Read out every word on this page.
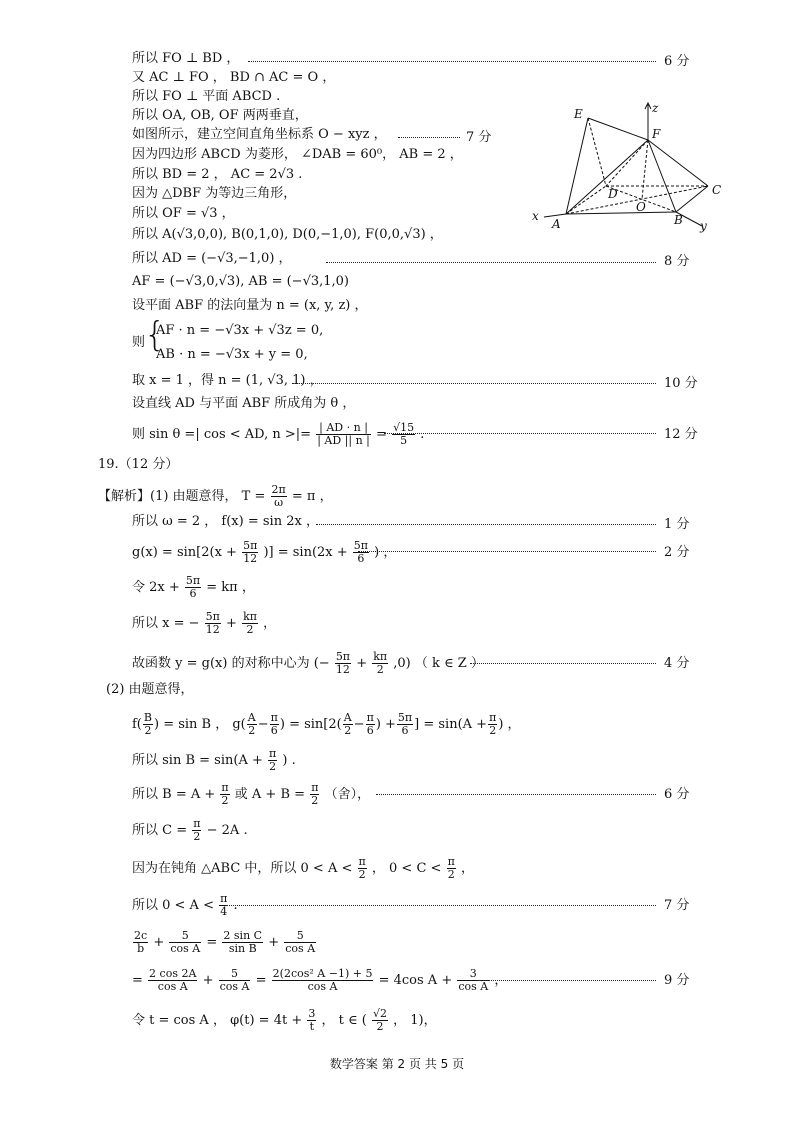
所以 FO ⊥ BD ，	6 分
又 AC ⊥ FO ， BD ∩ AC = O ，
所以 FO ⊥ 平面 ABCD .
所以 OA, OB, OF 两两垂直，
如图所示，建立空间直角坐标系 O − xyz ，	7 分
因为四边形 ABCD 为菱形， ∠DAB = 60⁰， AB = 2 ，
所以 BD = 2 ， AC = 2√3 .
因为 △DBF 为等边三角形，
所以 OF = √3 ，
所以 A(√3,0,0), B(0,1,0), D(0,−1,0), F(0,0,√3) ，
所以 AD = (−√3,−1,0) ，	8 分
AF = (−√3,0,√3), AB = (−√3,1,0)
设平面 ABF 的法向量为 n = (x, y, z) ，
则
{
AF · n = −√3x + √3z = 0,
AB · n = −√3x + y = 0,
取 x = 1 ，得 n = (1, √3, 1) ，	10 分
设直线 AD 与平面 ABF 所成角为 θ ，
则 sin θ =| cos < AD, n >|= $\frac{| AD \cdot n |}{| AD || n |} = \frac{√15}{5}$ .	12 分
19.（12 分）
【解析】(1) 由题意得， $T = \frac{2\pi}{\omega} = \pi$ ，
所以 ω = 2 ， f(x) = sin 2x ，	1 分
$g(x) = \sin[2(x + \frac{5\pi}{12}$ )] = $\sin(2x + \frac{5\pi}{6}$ ) ，	2 分
令 $2x + \frac{5\pi}{6} = k\pi$ ，
所以 x = − $\frac{5\pi}{12} + \frac{k\pi}{2}$ ，
故函数 y = g(x) 的对称中心为 (− $\frac{5\pi}{12} + \frac{k\pi}{2} ,0$) （ k ∈ Z ）	4 分
(2) 由题意得，
$f( \frac{B}{2}$ ) = sin B ， $g( \frac{A}{2} - \frac{\pi}{6}$ ) = $\sin[2( \frac{A}{2} - \frac{\pi}{6}$ ) + $\frac{5\pi}{6}$ ] = $\sin(A + \frac{\pi}{2}$ ) ，
所以 $\sin B = \sin(A + \frac{\pi}{2}$ ) .
所以 $B = A + \frac{\pi}{2}$ 或 $A + B = \frac{\pi}{2}$ （舍），	6 分
所以 $C = \frac{\pi}{2} - 2A$ .
因为在钝角 △ABC 中，所以 $0 < A < \frac{\pi}{2}$ ， $0 < C < \frac{\pi}{2}$ ，
所以 $0 < A < \frac{\pi}{4}$ .	7 分
$\frac{2c}{b} + \frac{5}{\text{cos A}} = \frac{\text{2 sin C}}{\text{sin B}} + \frac{5}{\text{cos A}}$
= $\frac{2 \cos 2A}{\text{cos A}} + \frac{5}{\text{cos A}} = \frac{\text{2(2cos² A −1) + 5}}{\text{cos A}} = 4\cos$ $A + \frac{3}{\text{cos A}}$ ，	9 分
令 t = cos A ， $\varphi(t) = 4t + \frac{3}{t}$ ， t ∈ ( $\frac{√2}{2}$ ， 1)，
E
F
z
D
O
C
x
A	B y
数学答案 第 2 页 共 5 页
